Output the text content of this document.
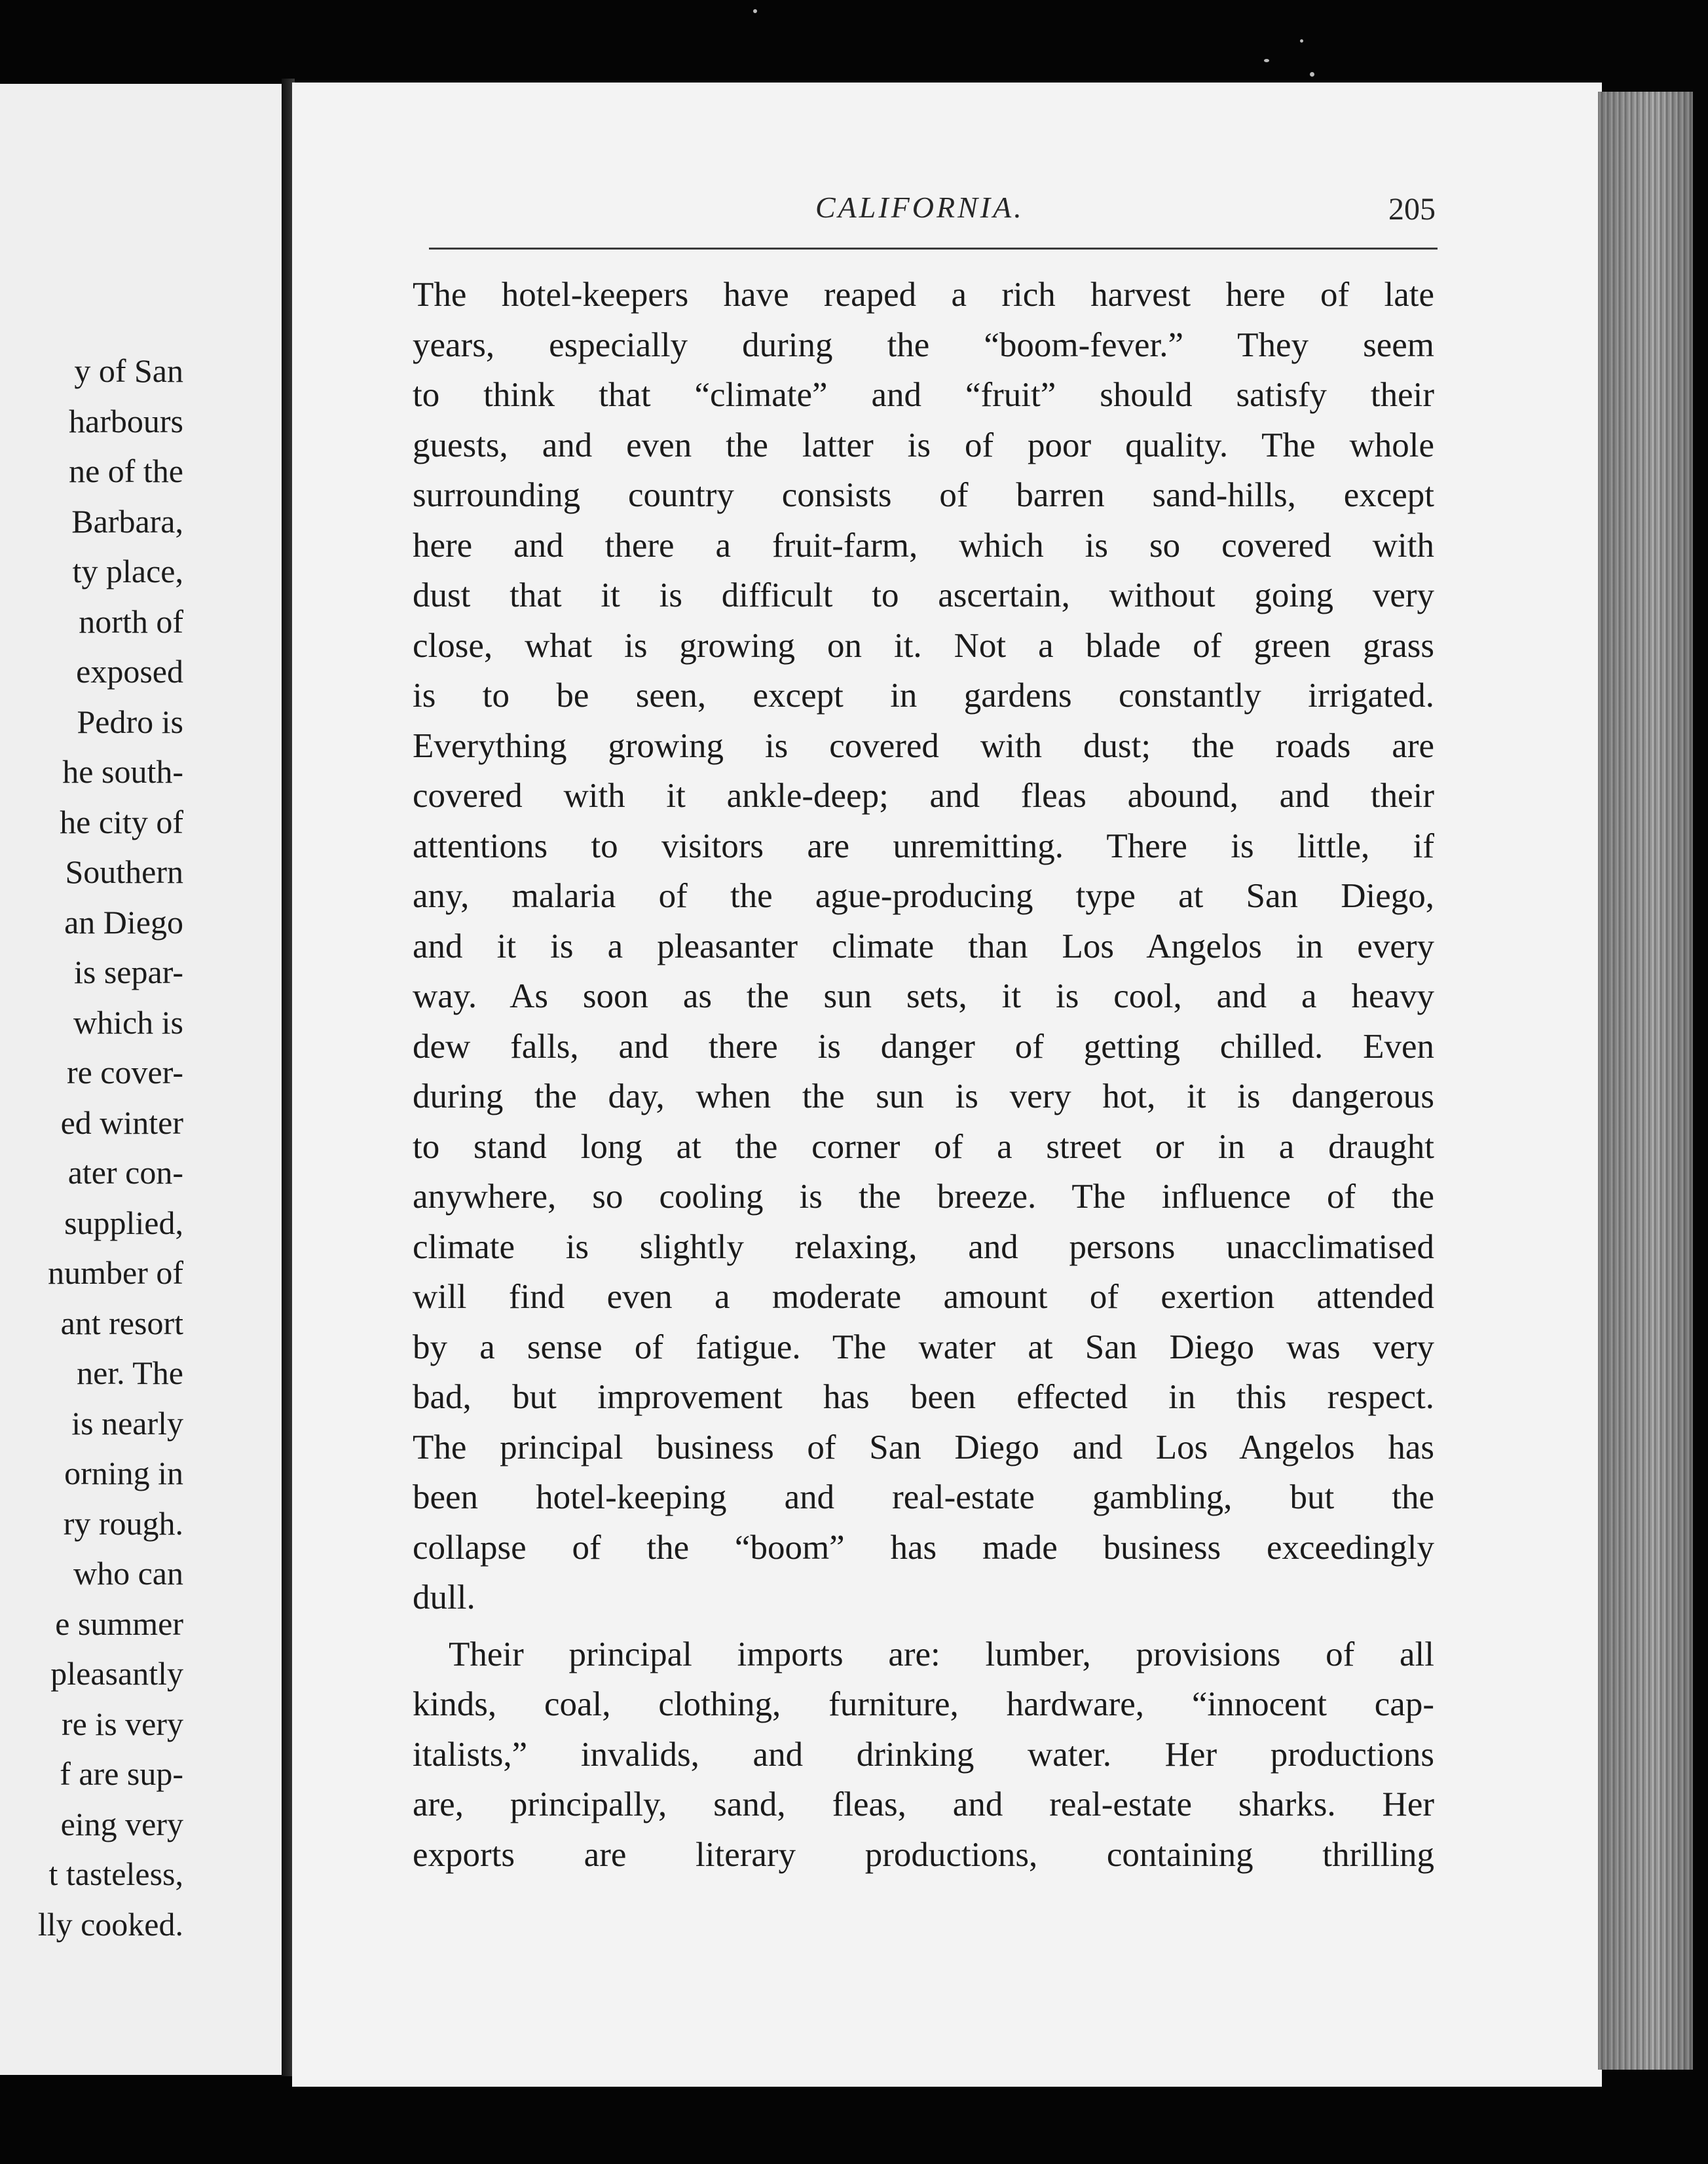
y of San
harbours
ne of the
Barbara,
ty place,
north of
exposed
Pedro is
he south-
he city of
Southern
an Diego
is separ-
which is
re cover-
ed winter
ater con-
supplied,
number of
ant resort
ner. The
is nearly
orning in
ry rough.
who can
e summer
pleasantly
re is very
f are sup-
eing very
t tasteless,
lly cooked.
CALIFORNIA.	205
The hotel-keepers have reaped a rich harvest here of late
years, especially during the “boom-fever.” They seem
to think that “climate” and “fruit” should satisfy their
guests, and even the latter is of poor quality. The whole
surrounding country consists of barren sand-hills, except
here and there a fruit-farm, which is so covered with
dust that it is difficult to ascertain, without going very
close, what is growing on it. Not a blade of green grass
is to be seen, except in gardens constantly irrigated.
Everything growing is covered with dust; the roads are
covered with it ankle-deep; and fleas abound, and their
attentions to visitors are unremitting. There is little, if
any, malaria of the ague-producing type at San Diego,
and it is a pleasanter climate than Los Angelos in every
way. As soon as the sun sets, it is cool, and a heavy
dew falls, and there is danger of getting chilled. Even
during the day, when the sun is very hot, it is dangerous
to stand long at the corner of a street or in a draught
anywhere, so cooling is the breeze. The influence of the
climate is slightly relaxing, and persons unacclimatised
will find even a moderate amount of exertion attended
by a sense of fatigue. The water at San Diego was very
bad, but improvement has been effected in this respect.
The principal business of San Diego and Los Angelos has
been hotel-keeping and real-estate gambling, but the
collapse of the “boom” has made business exceedingly
dull.
Their principal imports are: lumber, provisions of all
kinds, coal, clothing, furniture, hardware, “innocent cap-
italists,” invalids, and drinking water. Her productions
are, principally, sand, fleas, and real-estate sharks. Her
exports are literary productions, containing thrilling
